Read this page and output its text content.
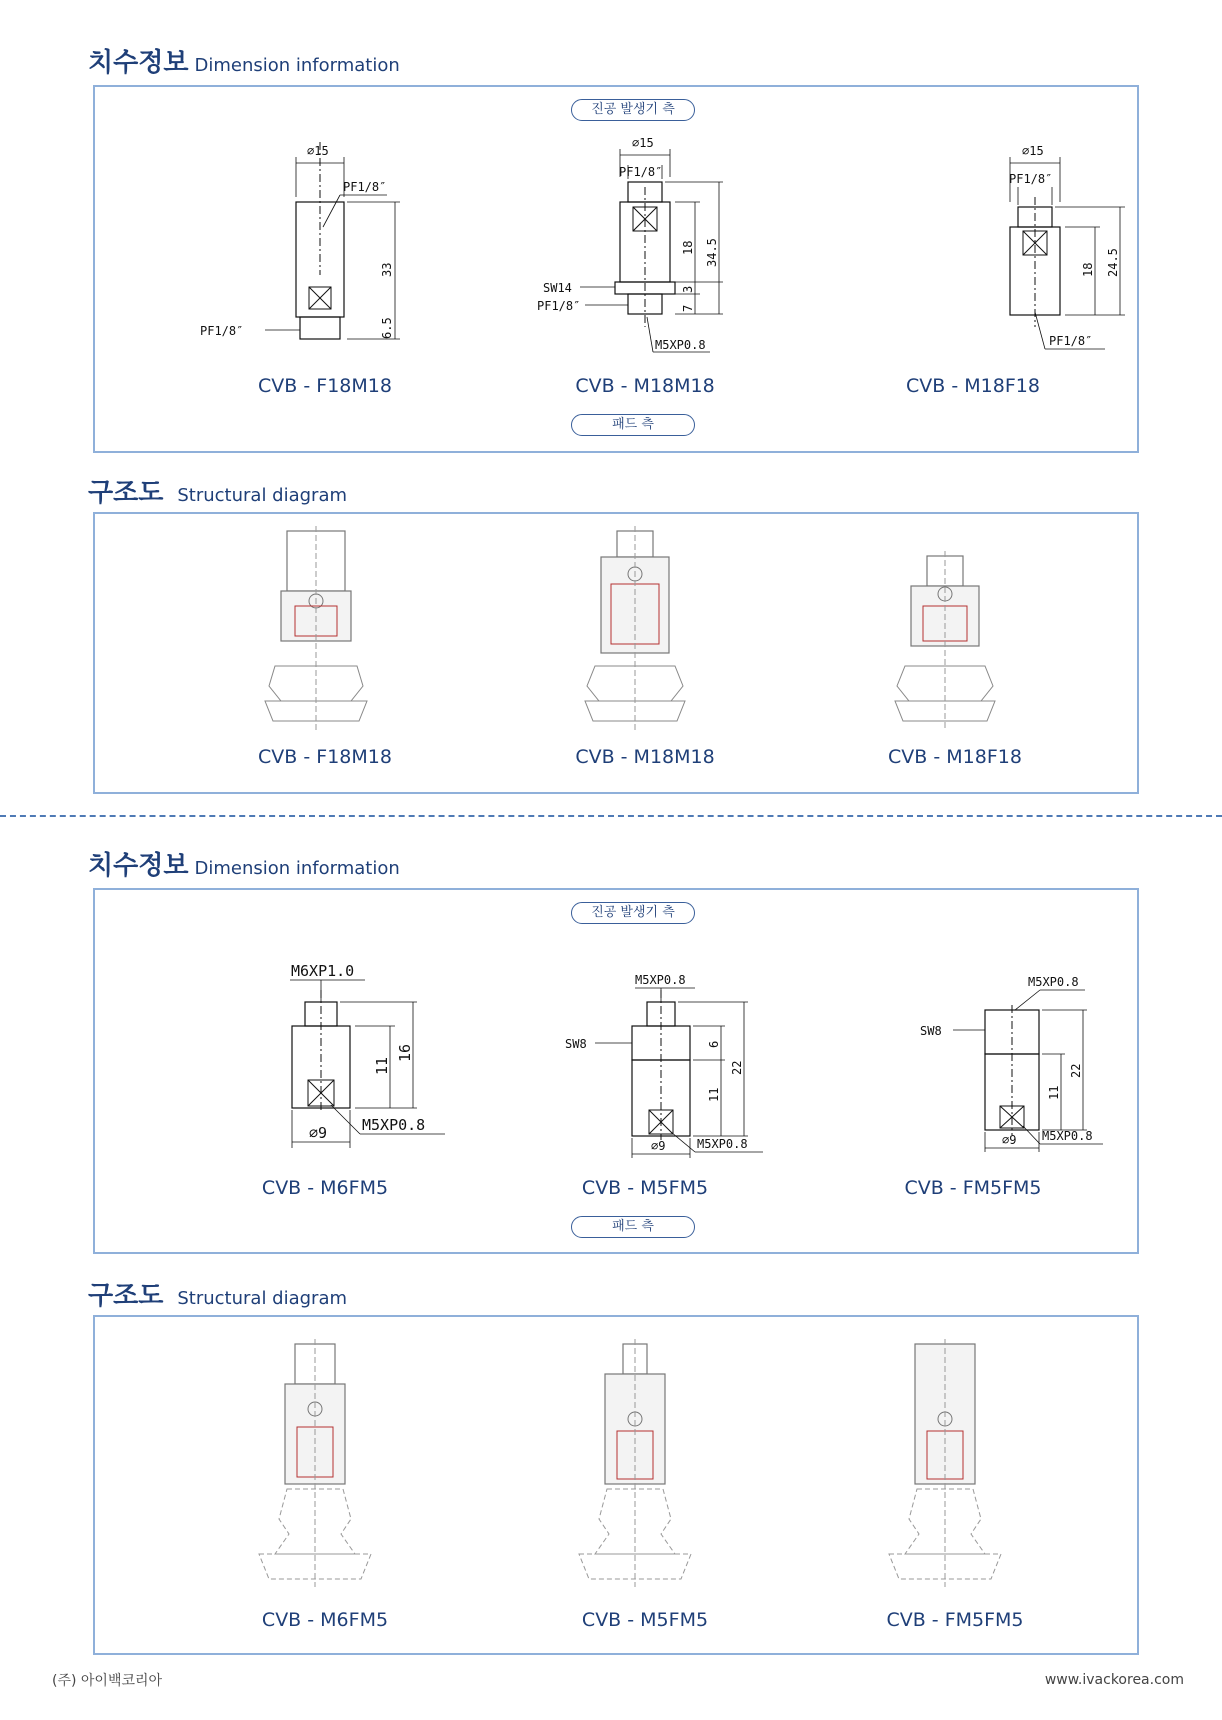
치수정보 Dimension information
진공 발생기 측
⌀15
PF1/8″
33
6.5
PF1/8″
CVB - F18M18
⌀15
PF1/8″
18 34.5
3
7
SW14
PF1/8″
M5XP0.8
CVB - M18M18
⌀15
PF1/8″
18 24.5
PF1/8″
CVB - M18F18
패드 측
구조도 Structural diagram
CVB - F18M18	CVB - M18M18	CVB - M18F18
치수정보 Dimension information
진공 발생기 측
M6XP1.0
11
16
⌀9 M5XP0.8
CVB - M6FM5
M5XP0.8
6
11
22
SW8
⌀9	M5XP0.8
CVB - M5FM5
M5XP0.8
11
22
SW8
⌀9 M5XP0.8
CVB - FM5FM5
패드 측
구조도 Structural diagram
CVB - M6FM5	CVB - M5FM5	CVB - FM5FM5
(주) 아이백코리아	www.ivackorea.com
